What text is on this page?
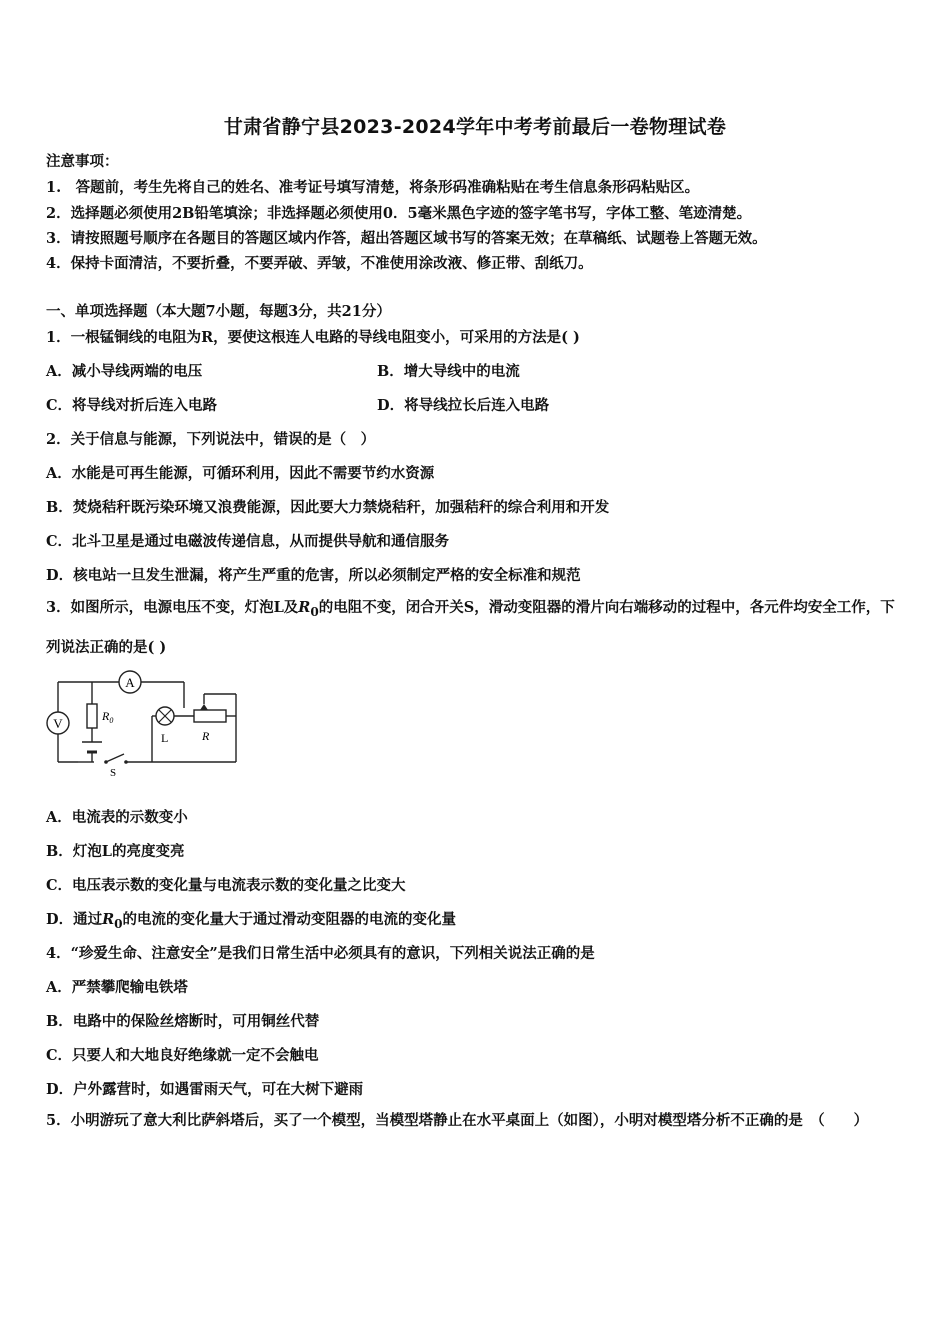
甘肃省静宁县2023-2024学年中考考前最后一卷物理试卷
注意事项：
1.　答题前，考生先将自己的姓名、准考证号填写清楚，将条形码准确粘贴在考生信息条形码粘贴区。
2．选择题必须使用2B铅笔填涂；非选择题必须使用0．5毫米黑色字迹的签字笔书写，字体工整、笔迹清楚。
3．请按照题号顺序在各题目的答题区域内作答，超出答题区域书写的答案无效；在草稿纸、试题卷上答题无效。
4．保持卡面清洁，不要折叠，不要弄破、弄皱，不准使用涂改液、修正带、刮纸刀。
一、单项选择题（本大题7小题，每题3分，共21分）
1．一根锰铜线的电阻为R，要使这根连人电路的导线电阻变小，可采用的方法是( )
A．减小导线两端的电压	B．增大导线中的电流
C．将导线对折后连入电路	D．将导线拉长后连入电路
2．关于信息与能源，下列说法中，错误的是（　）
A．水能是可再生能源，可循环利用，因此不需要节约水资源
B．焚烧秸秆既污染环境又浪费能源，因此要大力禁烧秸秆，加强秸秆的综合利用和开发
C．北斗卫星是通过电磁波传递信息，从而提供导航和通信服务
D．核电站一旦发生泄漏，将产生严重的危害，所以必须制定严格的安全标准和规范
3．如图所示，电源电压不变，灯泡L及$R_0$的电阻不变，闭合开关S，滑动变阻器的滑片向右端移动的过程中，各元件均安全工作，下列说法正确的是( )
A
V	$R_0$
L	R
S
A．电流表的示数变小
B．灯泡L的亮度变亮
C．电压表示数的变化量与电流表示数的变化量之比变大
D．通过$R_0$的电流的变化量大于通过滑动变阻器的电流的变化量
4．“珍爱生命、注意安全”是我们日常生活中必须具有的意识，下列相关说法正确的是
A．严禁攀爬输电铁塔
B．电路中的保险丝熔断时，可用铜丝代替
C．只要人和大地良好绝缘就一定不会触电
D．户外露营时，如遇雷雨天气，可在大树下避雨
5．小明游玩了意大利比萨斜塔后，买了一个模型，当模型塔静止在水平桌面上（如图），小明对模型塔分析不正确的是　（　　）
